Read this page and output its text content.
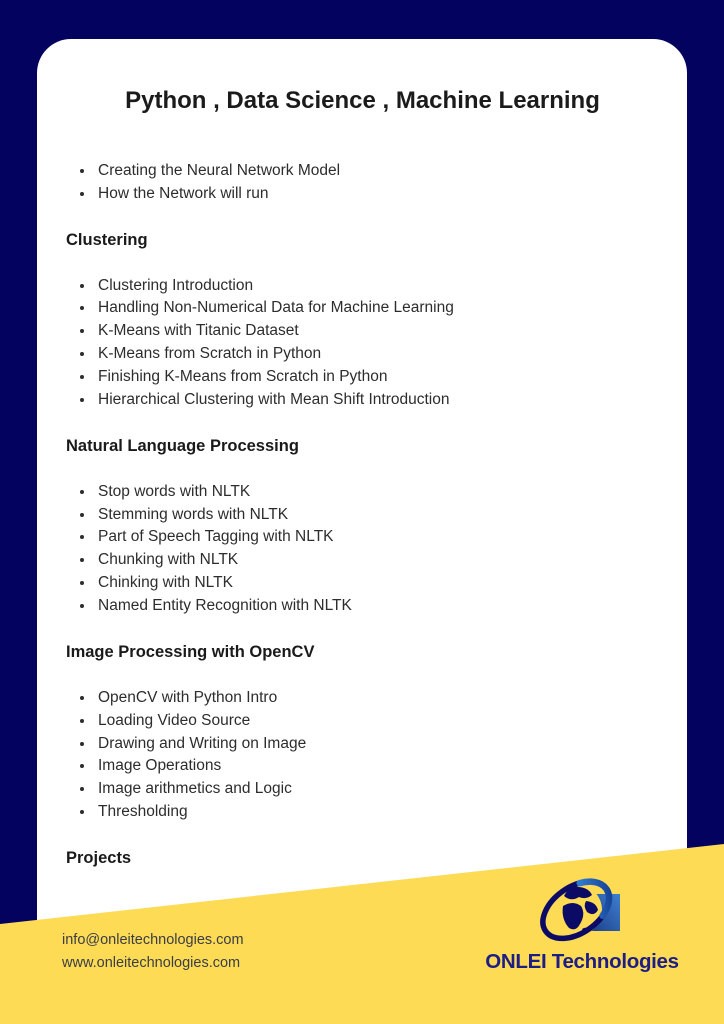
Python , Data Science , Machine Learning
• Creating the Neural Network Model
• How the Network will run
Clustering
• Clustering Introduction
• Handling Non-Numerical Data for Machine Learning
• K-Means with Titanic Dataset
• K-Means from Scratch in Python
• Finishing K-Means from Scratch in Python
• Hierarchical Clustering with Mean Shift Introduction
Natural Language Processing
• Stop words with NLTK
• Stemming words with NLTK
• Part of Speech Tagging with NLTK
• Chunking with NLTK
• Chinking with NLTK
• Named Entity Recognition with NLTK
Image Processing with OpenCV
• OpenCV with Python Intro
• Loading Video Source
• Drawing and Writing on Image
• Image Operations
• Image arithmetics and Logic
• Thresholding
Projects
info@onleitechnologies.com
www.onleitechnologies.com	ONLEI Technologies
